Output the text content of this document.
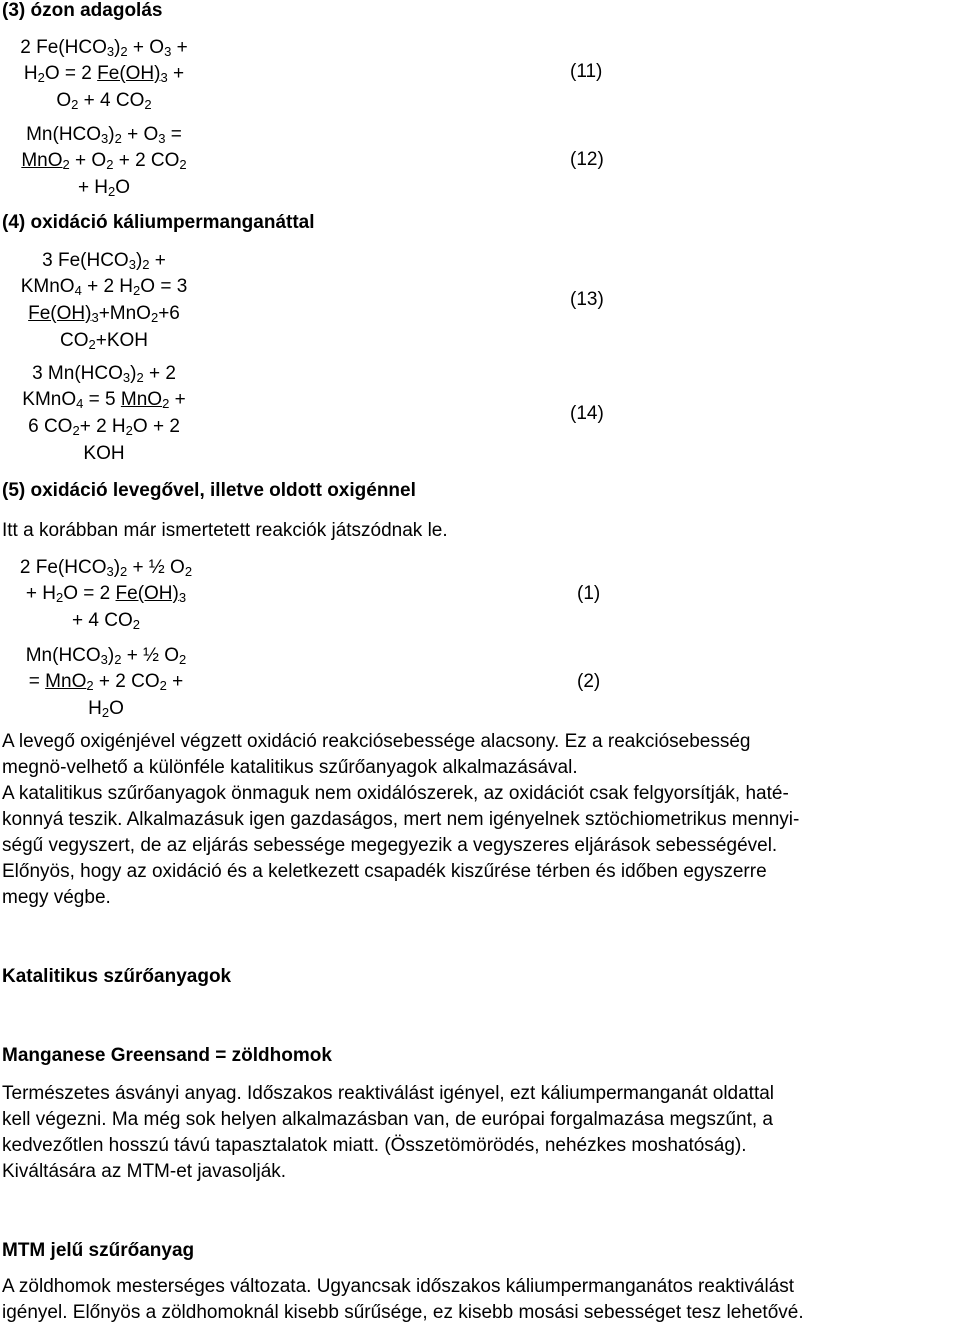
(3) ózon adagolás
2 $Fe(HCO_3)_2 + O_3$ +
$H_2O = 2$ $Fe(OH)_3$ +
$O_2 + 4$ $CO_2$
(11)
$Mn(HCO_3)_2 + O_3$ =
$MnO_2 + O_2 + 2$ $CO_2$
+ $H_2O$
(12)
(4) oxidáció káliumpermanganáttal
3 $Fe(HCO_3)_2$ +
KMnO$_4$ + 2 $H_2O = 3$
$Fe(OH)_3+MnO_2+6$
$CO_2+KOH$
(13)
3 $Mn(HCO_3)_2 + 2$
KMnO$_4$ = 5 MnO$_2$ +
6 $CO_2+ 2$ $H_2O + 2$
KOH
(14)
(5) oxidáció levegővel, illetve oldott oxigénnel
Itt a korábban már ismertetett reakciók játszódnak le.
2 $Fe(HCO_3)_2$ + ½ $O_2$
+ $H_2O = 2$ $Fe(OH)_3$
+ 4 $CO_2$
(1)
$Mn(HCO_3)_2$ + ½ $O_2$
= MnO$_2$ + 2 $CO_2$ +
$H_2O$
(2)
A levegő oxigénjével végzett oxidáció reakciósebessége alacsony. Ez a reakciósebesség
megnö-velhető a különféle katalitikus szűrőanyagok alkalmazásával.
A katalitikus szűrőanyagok önmaguk nem oxidálószerek, az oxidációt csak felgyorsítják, haté-
konnyá teszik. Alkalmazásuk igen gazdaságos, mert nem igényelnek sztöchiometrikus mennyi-
ségű vegyszert, de az eljárás sebessége megegyezik a vegyszeres eljárások sebességével.
Előnyös, hogy az oxidáció és a keletkezett csapadék kiszűrése térben és időben egyszerre
megy végbe.
Katalitikus szűrőanyagok
Manganese Greensand = zöldhomok
Természetes ásványi anyag. Időszakos reaktiválást igényel, ezt káliumpermanganát oldattal
kell végezni. Ma még sok helyen alkalmazásban van, de európai forgalmazása megszűnt, a
kedvezőtlen hosszú távú tapasztalatok miatt. (Összetömörödés, nehézkes moshatóság).
Kiváltására az MTM-et javasolják.
MTM jelű szűrőanyag
A zöldhomok mesterséges változata. Ugyancsak időszakos káliumpermanganátos reaktiválást
igényel. Előnyös a zöldhomoknál kisebb sűrűsége, ez kisebb mosási sebességet tesz lehetővé.
